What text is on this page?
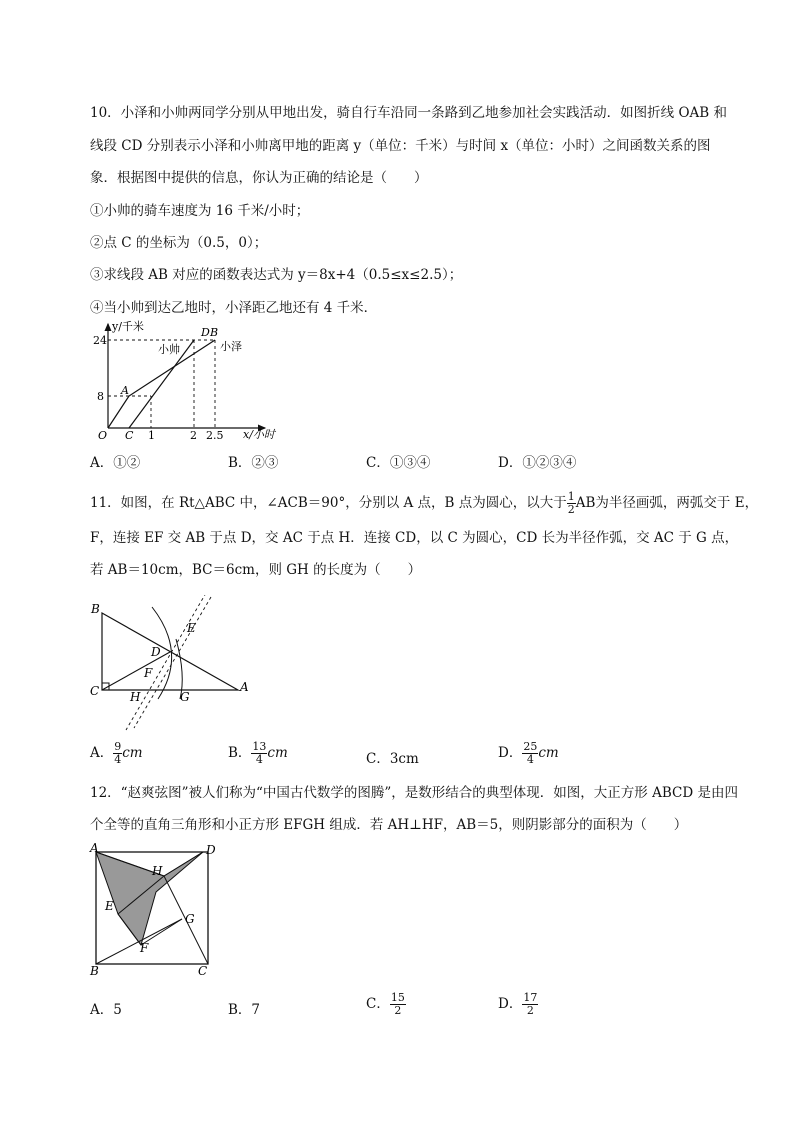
10．小泽和小帅两同学分别从甲地出发，骑自行车沿同一条路到乙地参加社会实践活动．如图折线 OAB 和
线段 CD 分别表示小泽和小帅离甲地的距离 y（单位：千米）与时间 x（单位：小时）之间函数关系的图
象．根据图中提供的信息，你认为正确的结论是（　　）
①小帅的骑车速度为 16 千米/小时；
②点 C 的坐标为（0.5，0）；
③求线段 AB 对应的函数表达式为 y＝8x+4（0.5≤x≤2.5）；
④当小帅到达乙地时，小泽距乙地还有 4 千米．
y/千米
x/小时
24
8
O C 1	2 2.5
A
D B
小帅	小泽
A．①②	B．②③	C．①③④	D．①②③④
11．如图，在 Rt△ABC 中，∠ACB＝90°，分别以 A 点，B 点为圆心，以大于 $\frac{1}{2}$ AB为半径画弧，两弧交于 E，
F，连接 EF 交 AB 于点 D，交 AC 于点 H．连接 CD，以 C 为圆心，CD 长为半径作弧，交 AC 于 G 点，
若 AB＝10cm，BC＝6cm，则 GH 的长度为（　　）
B
C	A
D
E
F
H	G
A． $\frac{9}{4}$ cm	B． $\frac{13}{4}$ cm	C．3cm	D． $\frac{25}{4}$ cm
12．“赵爽弦图”被人们称为“中国古代数学的图腾”，是数形结合的典型体现．如图，大正方形 ABCD 是由四
个全等的直角三角形和小正方形 EFGH 组成．若 AH⊥HF，AB＝5，则阴影部分的面积为（　　）
A	D
B	C
E
F
G
H
A．5	B．7	C． $\frac{15}{2}$	D． $\frac{17}{2}$
